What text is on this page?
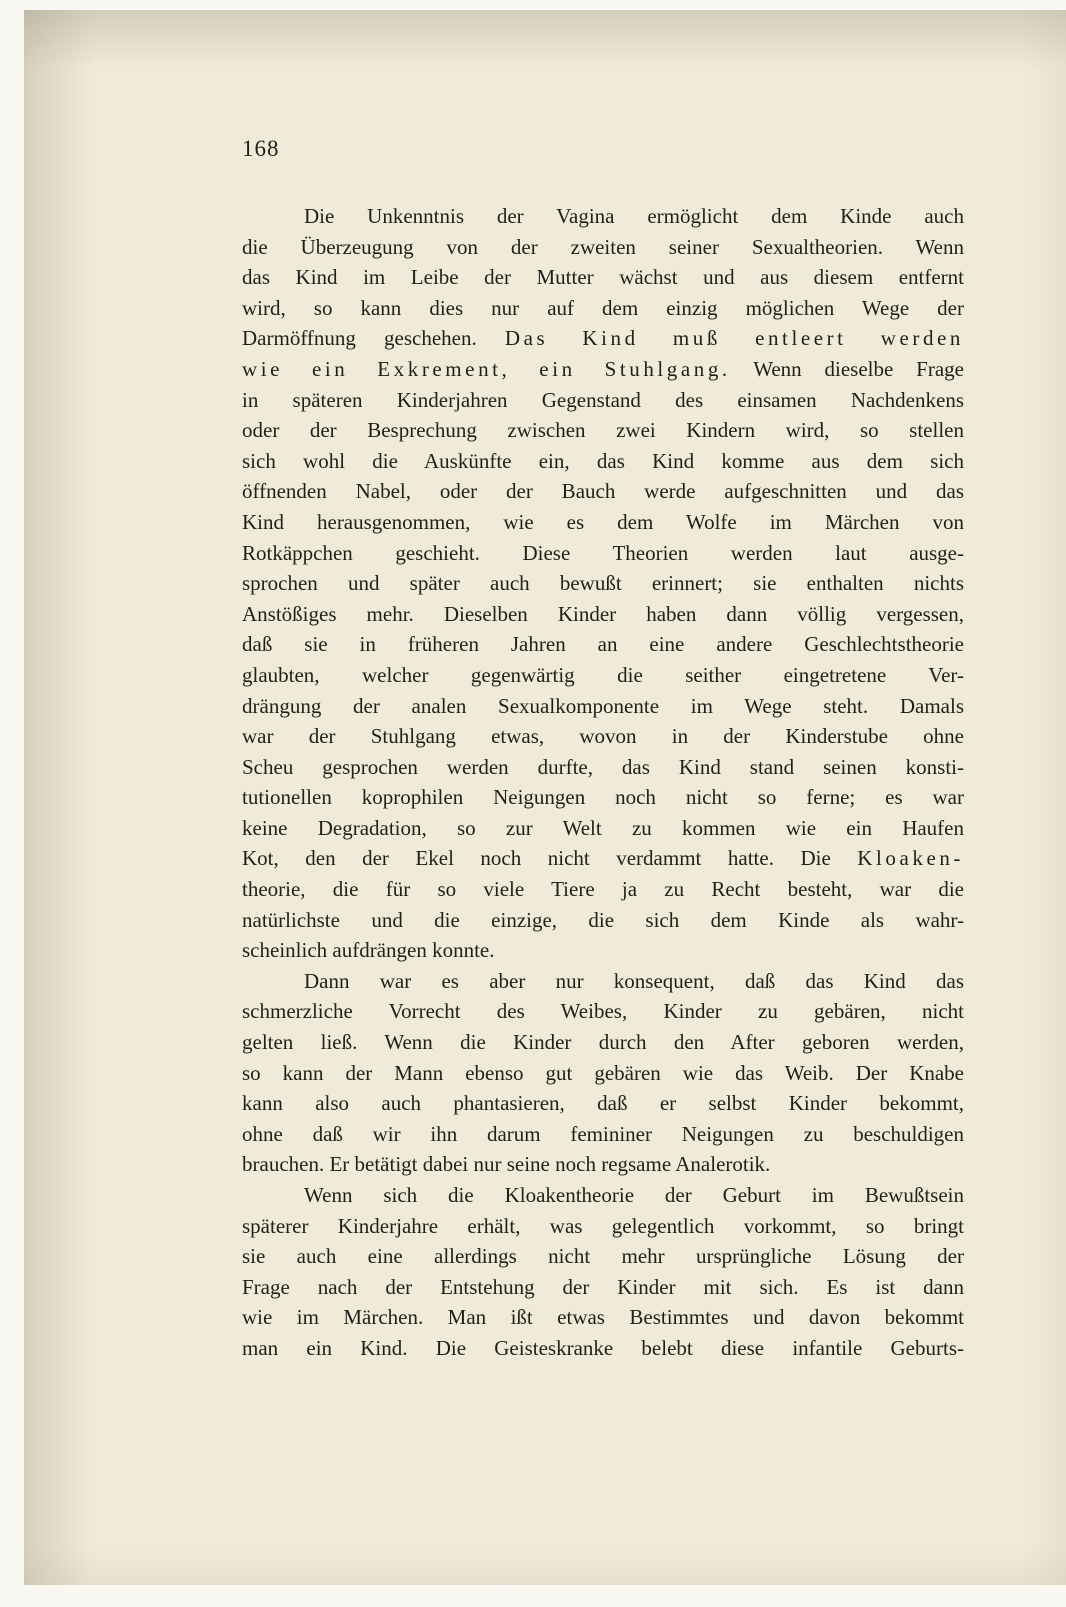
168
Die Unkenntnis der Vagina ermöglicht dem Kinde auch
die Überzeugung von der zweiten seiner Sexualtheorien. Wenn
das Kind im Leibe der Mutter wächst und aus diesem entfernt
wird, so kann dies nur auf dem einzig möglichen Wege der
Darmöffnung geschehen. Das Kind muß entleert werden
wie ein Exkrement, ein Stuhlgang. Wenn dieselbe Frage
in späteren Kinderjahren Gegenstand des einsamen Nachdenkens
oder der Besprechung zwischen zwei Kindern wird, so stellen
sich wohl die Auskünfte ein, das Kind komme aus dem sich
öffnenden Nabel, oder der Bauch werde aufgeschnitten und das
Kind herausgenommen, wie es dem Wolfe im Märchen von
Rotkäppchen geschieht. Diese Theorien werden laut ausge-
sprochen und später auch bewußt erinnert; sie enthalten nichts
Anstößiges mehr. Dieselben Kinder haben dann völlig vergessen,
daß sie in früheren Jahren an eine andere Geschlechtstheorie
glaubten, welcher gegenwärtig die seither eingetretene Ver-
drängung der analen Sexualkomponente im Wege steht. Damals
war der Stuhlgang etwas, wovon in der Kinderstube ohne
Scheu gesprochen werden durfte, das Kind stand seinen konsti-
tutionellen koprophilen Neigungen noch nicht so ferne; es war
keine Degradation, so zur Welt zu kommen wie ein Haufen
Kot, den der Ekel noch nicht verdammt hatte. Die Kloaken-
theorie, die für so viele Tiere ja zu Recht besteht, war die
natürlichste und die einzige, die sich dem Kinde als wahr-
scheinlich aufdrängen konnte.
Dann war es aber nur konsequent, daß das Kind das
schmerzliche Vorrecht des Weibes, Kinder zu gebären, nicht
gelten ließ. Wenn die Kinder durch den After geboren werden,
so kann der Mann ebenso gut gebären wie das Weib. Der Knabe
kann also auch phantasieren, daß er selbst Kinder bekommt,
ohne daß wir ihn darum femininer Neigungen zu beschuldigen
brauchen. Er betätigt dabei nur seine noch regsame Analerotik.
Wenn sich die Kloakentheorie der Geburt im Bewußtsein
späterer Kinderjahre erhält, was gelegentlich vorkommt, so bringt
sie auch eine allerdings nicht mehr ursprüngliche Lösung der
Frage nach der Entstehung der Kinder mit sich. Es ist dann
wie im Märchen. Man ißt etwas Bestimmtes und davon bekommt
man ein Kind. Die Geisteskranke belebt diese infantile Geburts-
